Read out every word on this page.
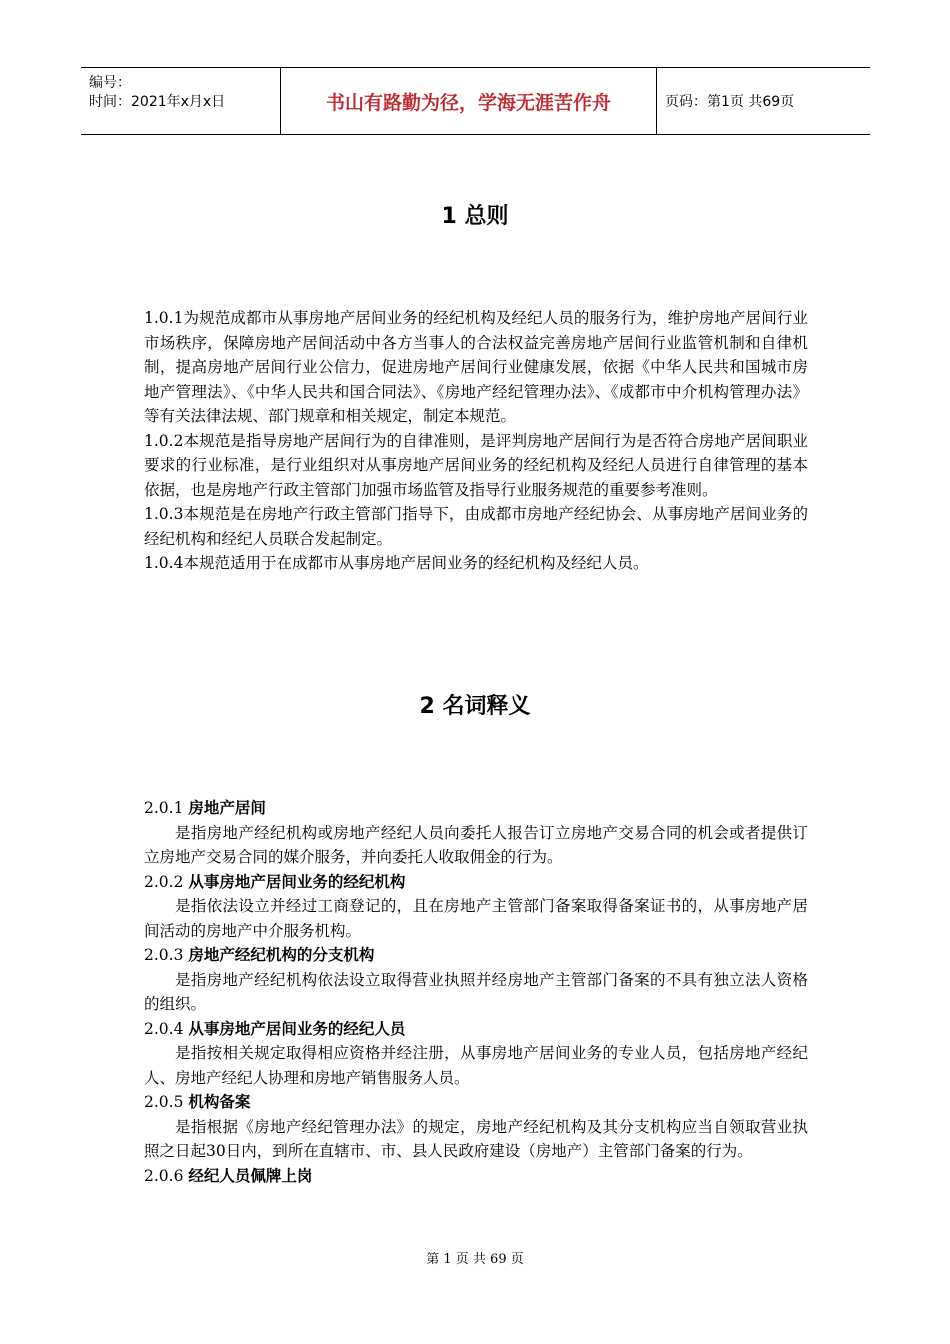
编号：
时间：2021年x月x日	书山有路勤为径，学海无涯苦作舟	页码：第1页 共69页
1 总则

1.0.1为规范成都市从事房地产居间业务的经纪机构及经纪人员的服务行为，维护房地产居间行业市场秩序，保障房地产居间活动中各方当事人的合法权益完善房地产居间行业监管机制和自律机制，提高房地产居间行业公信力，促进房地产居间行业健康发展，依据《中华人民共和国城市房地产管理法》、《中华人民共和国合同法》、《房地产经纪管理办法》、《成都市中介机构管理办法》等有关法律法规、部门规章和相关规定，制定本规范。

1.0.2本规范是指导房地产居间行为的自律准则，是评判房地产居间行为是否符合房地产居间职业要求的行业标准，是行业组织对从事房地产居间业务的经纪机构及经纪人员进行自律管理的基本依据，也是房地产行政主管部门加强市场监管及指导行业服务规范的重要参考准则。

1.0.3本规范是在房地产行政主管部门指导下，由成都市房地产经纪协会、从事房地产居间业务的经纪机构和经纪人员联合发起制定。

1.0.4本规范适用于在成都市从事房地产居间业务的经纪机构及经纪人员。

2 名词释义

2.0.1 房地产居间

是指房地产经纪机构或房地产经纪人员向委托人报告订立房地产交易合同的机会或者提供订立房地产交易合同的媒介服务，并向委托人收取佣金的行为。

2.0.2 从事房地产居间业务的经纪机构

是指依法设立并经过工商登记的，且在房地产主管部门备案取得备案证书的，从事房地产居间活动的房地产中介服务机构。

2.0.3 房地产经纪机构的分支机构

是指房地产经纪机构依法设立取得营业执照并经房地产主管部门备案的不具有独立法人资格的组织。

2.0.4 从事房地产居间业务的经纪人员

是指按相关规定取得相应资格并经注册，从事房地产居间业务的专业人员，包括房地产经纪人、房地产经纪人协理和房地产销售服务人员。

2.0.5 机构备案

是指根据《房地产经纪管理办法》的规定，房地产经纪机构及其分支机构应当自领取营业执照之日起30日内，到所在直辖市、市、县人民政府建设（房地产）主管部门备案的行为。

2.0.6 经纪人员佩牌上岗

第 1 页 共 69 页
